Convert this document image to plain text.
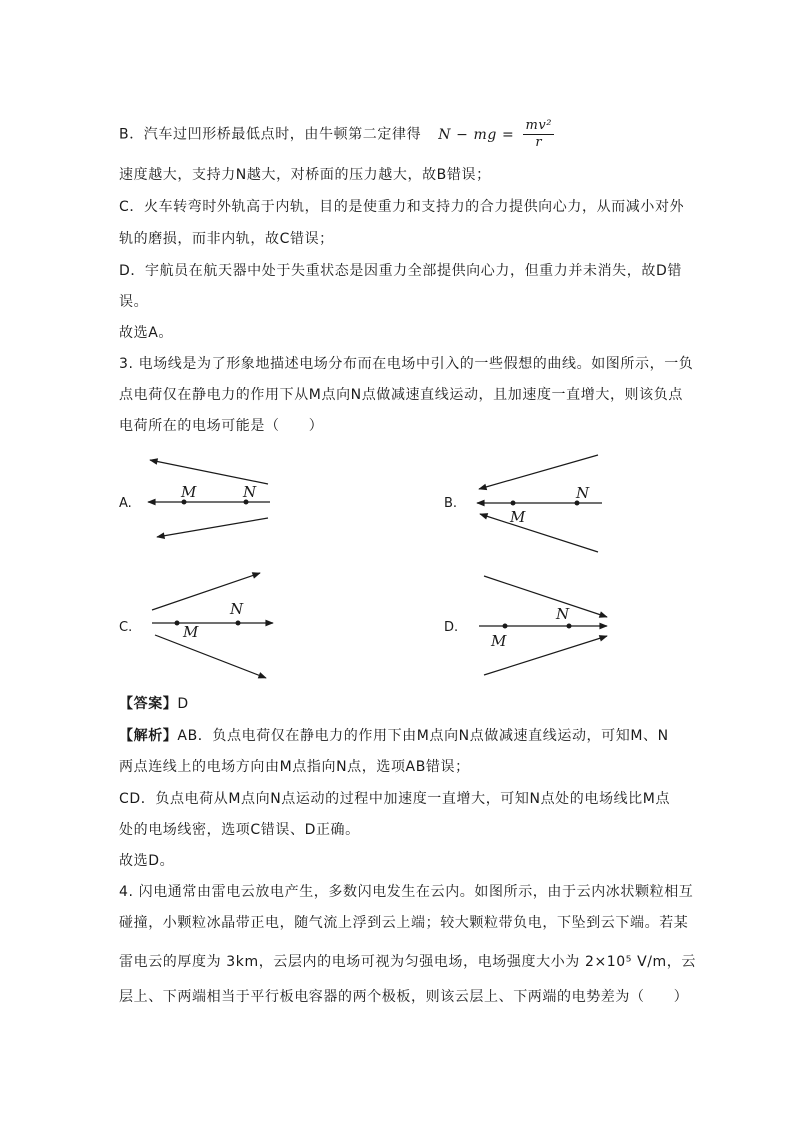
B．汽车过凹形桥最低点时，由牛顿第二定律得 N − mg = $\frac{\text{mv²}}{r}$
速度越大，支持力N越大，对桥面的压力越大，故B错误；
C．火车转弯时外轨高于内轨，目的是使重力和支持力的合力提供向心力，从而减小对外
轨的磨损，而非内轨，故C错误；
D．宇航员在航天器中处于失重状态是因重力全部提供向心力，但重力并未消失，故D错
误。
故选A。
3. 电场线是为了形象地描述电场分布而在电场中引入的一些假想的曲线。如图所示，一负
点电荷仅在静电力的作用下从M点向N点做减速直线运动，且加速度一直增大，则该负点
电荷所在的电场可能是（　　）
A.
M	N
B.
M
N
C.	M
N
D.
M
N
【答案】D
【解析】AB．负点电荷仅在静电力的作用下由M点向N点做减速直线运动，可知M、N
两点连线上的电场方向由M点指向N点，选项AB错误；
CD．负点电荷从M点向N点运动的过程中加速度一直增大，可知N点处的电场线比M点
处的电场线密，选项C错误、D正确。
故选D。
4. 闪电通常由雷电云放电产生，多数闪电发生在云内。如图所示，由于云内冰状颗粒相互
碰撞，小颗粒冰晶带正电，随气流上浮到云上端；较大颗粒带负电，下坠到云下端。若某
雷电云的厚度为 3km，云层内的电场可视为匀强电场，电场强度大小为 2×10⁵ V/m，云
层上、下两端相当于平行板电容器的两个极板，则该云层上、下两端的电势差为（　　）
